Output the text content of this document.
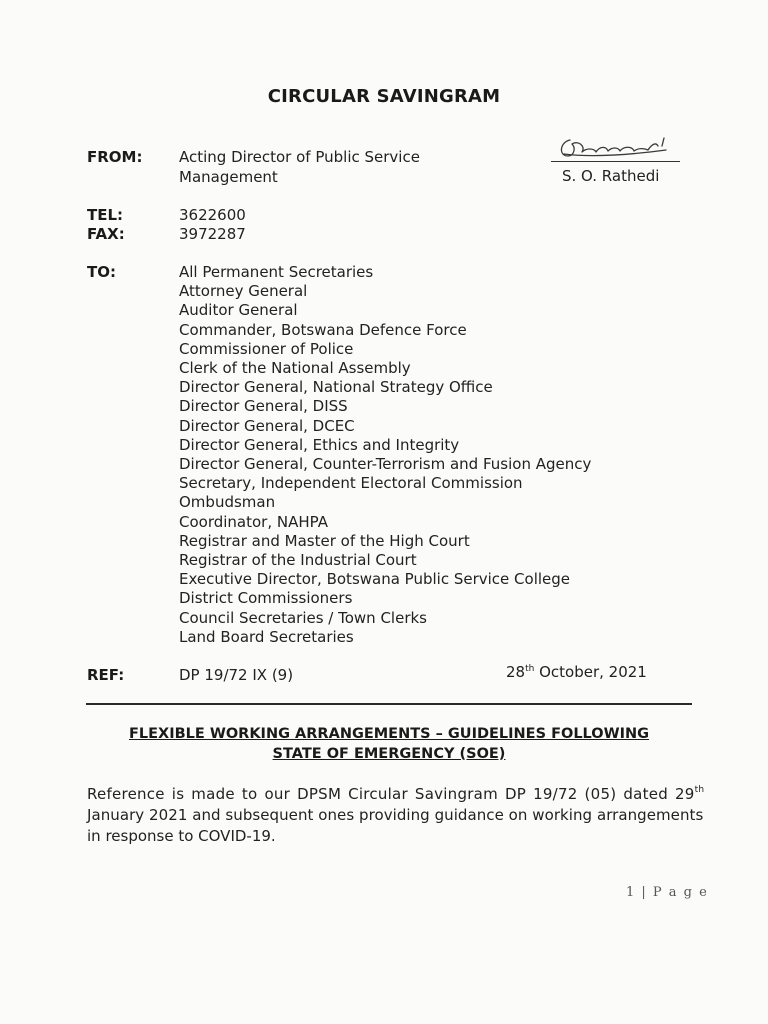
CIRCULAR SAVINGRAM
FROM: Acting Director of Public Service
Management	S. O. Rathedi
TEL:	3622600
FAX:	3972287
TO:	All Permanent Secretaries
Attorney General
Auditor General
Commander, Botswana Defence Force
Commissioner of Police
Clerk of the National Assembly
Director General, National Strategy Office
Director General, DISS
Director General, DCEC
Director General, Ethics and Integrity
Director General, Counter-Terrorism and Fusion Agency
Secretary, Independent Electoral Commission
Ombudsman
Coordinator, NAHPA
Registrar and Master of the High Court
Registrar of the Industrial Court
Executive Director, Botswana Public Service College
District Commissioners
Council Secretaries / Town Clerks
Land Board Secretaries
REF:	DP 19/72 IX (9)	28th October, 2021
FLEXIBLE WORKING ARRANGEMENTS – GUIDELINES FOLLOWING
STATE OF EMERGENCY (SOE)
Reference is made to our DPSM Circular Savingram DP 19/72 (05) dated 29th
January 2021 and subsequent ones providing guidance on working arrangements
in response to COVID-19.
1 | P a g e
